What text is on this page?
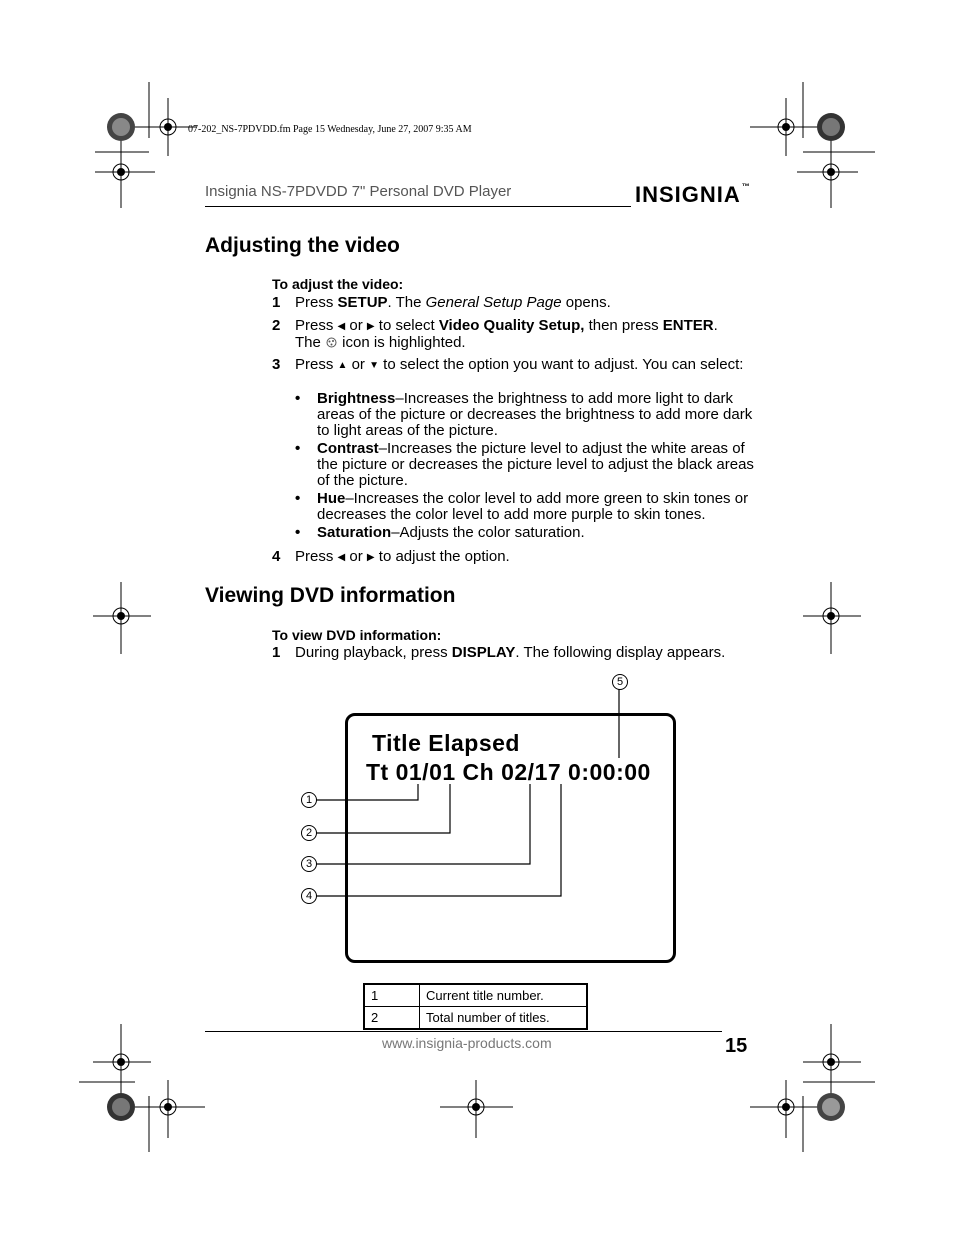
07-202_NS-7PDVDD.fm Page 15 Wednesday, June 27, 2007 9:35 AM
Insignia NS-7PDVDD 7" Personal DVD Player	INSIGNIA™
Adjusting the video
To adjust the video:
1 Press SETUP. The General Setup Page opens.
2 Press ◀ or ▶ to select Video Quality Setup, then press ENTER.
The  icon is highlighted.
3 Press ▲ or ▼ to select the option you want to adjust. You can select:
• Brightness–Increases the brightness to add more light to dark areas of the picture or decreases the brightness to add more dark to light areas of the picture.
• Contrast–Increases the picture level to adjust the white areas of the picture or decreases the picture level to adjust the black areas of the picture.
• Hue–Increases the color level to add more green to skin tones or decreases the color level to add more purple to skin tones.
• Saturation–Adjusts the color saturation.
4 Press ◀ or ▶ to adjust the option.
Viewing DVD information
To view DVD information:
1 During playback, press DISPLAY. The following display appears.
Title Elapsed
Tt 01/01 Ch 02/17 0:00:00
5
1
2
3
4
1	Current title number.
2	Total number of titles.
www.insignia-products.com	15
